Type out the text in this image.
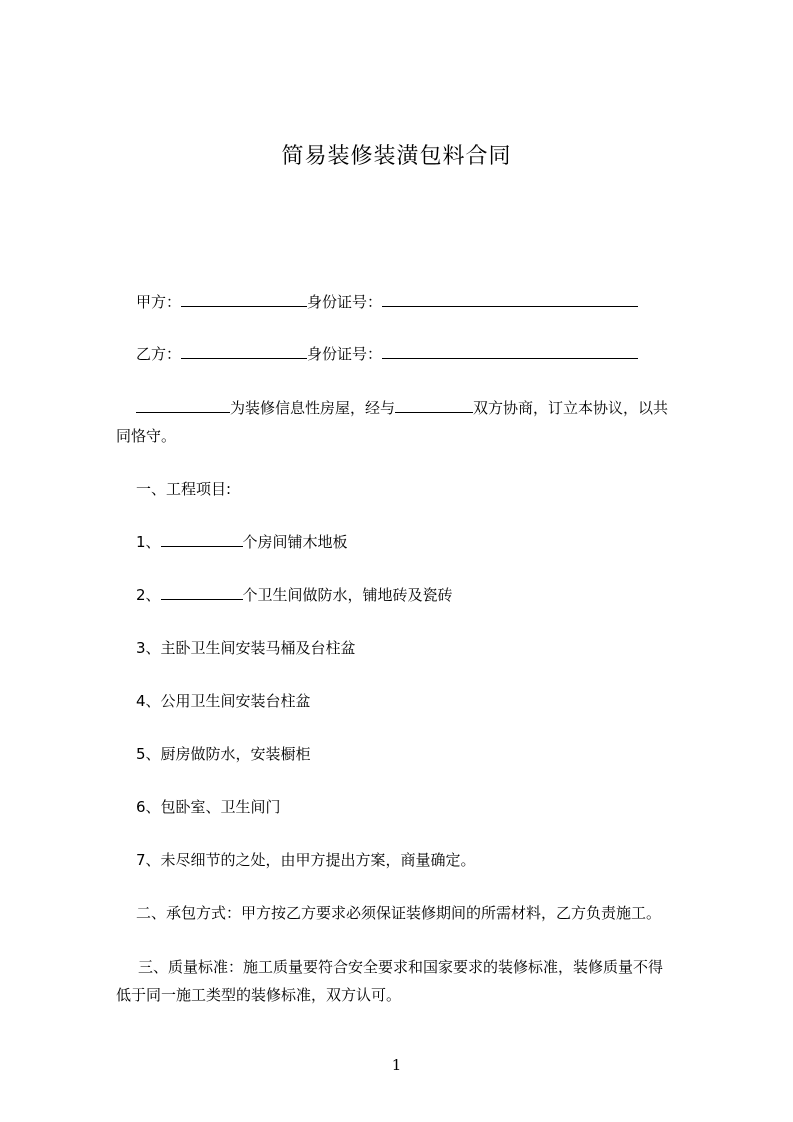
简易装修装潢包料合同
甲方：	身份证号：
乙方：	身份证号：
为装修信息性房屋，经与	双方协商，订立本协议，以共
同恪守。
一、工程项目:
1、	个房间铺木地板
2、	个卫生间做防水，铺地砖及瓷砖
3、主卧卫生间安装马桶及台柱盆
4、公用卫生间安装台柱盆
5、厨房做防水，安装橱柜
6、包卧室、卫生间门
7、未尽细节的之处，由甲方提出方案，商量确定。
二、承包方式：甲方按乙方要求必须保证装修期间的所需材料，乙方负责施工。
三、质量标准：施工质量要符合安全要求和国家要求的装修标准，装修质量不得
低于同一施工类型的装修标准，双方认可。
1
